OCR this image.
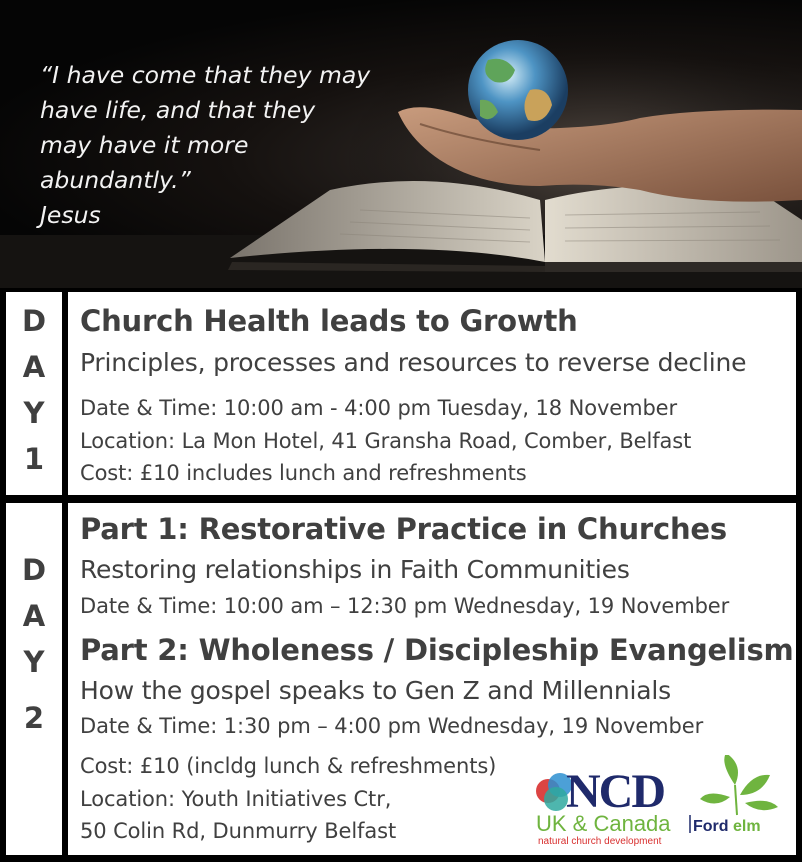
“I have come that they may
have life, and that they
may have it more
abundantly.”
Jesus
D
A
Y
1
Church Health leads to Growth
Principles, processes and resources to reverse decline
Date & Time: 10:00 am - 4:00 pm Tuesday, 18 November
Location: La Mon Hotel, 41 Gransha Road, Comber, Belfast
Cost: £10 includes lunch and refreshments
D
A
Y
2
Part 1: Restorative Practice in Churches
Restoring relationships in Faith Communities
Date & Time: 10:00 am – 12:30 pm Wednesday, 19 November
Part 2: Wholeness / Discipleship Evangelism
How the gospel speaks to Gen Z and Millennials
Date & Time: 1:30 pm – 4:00 pm Wednesday, 19 November
Cost: £10 (incldg lunch & refreshments)
Location: Youth Initiatives Ctr,
50 Colin Rd, Dunmurry Belfast
NCD
UK & Canada Ford elm
natural church development
